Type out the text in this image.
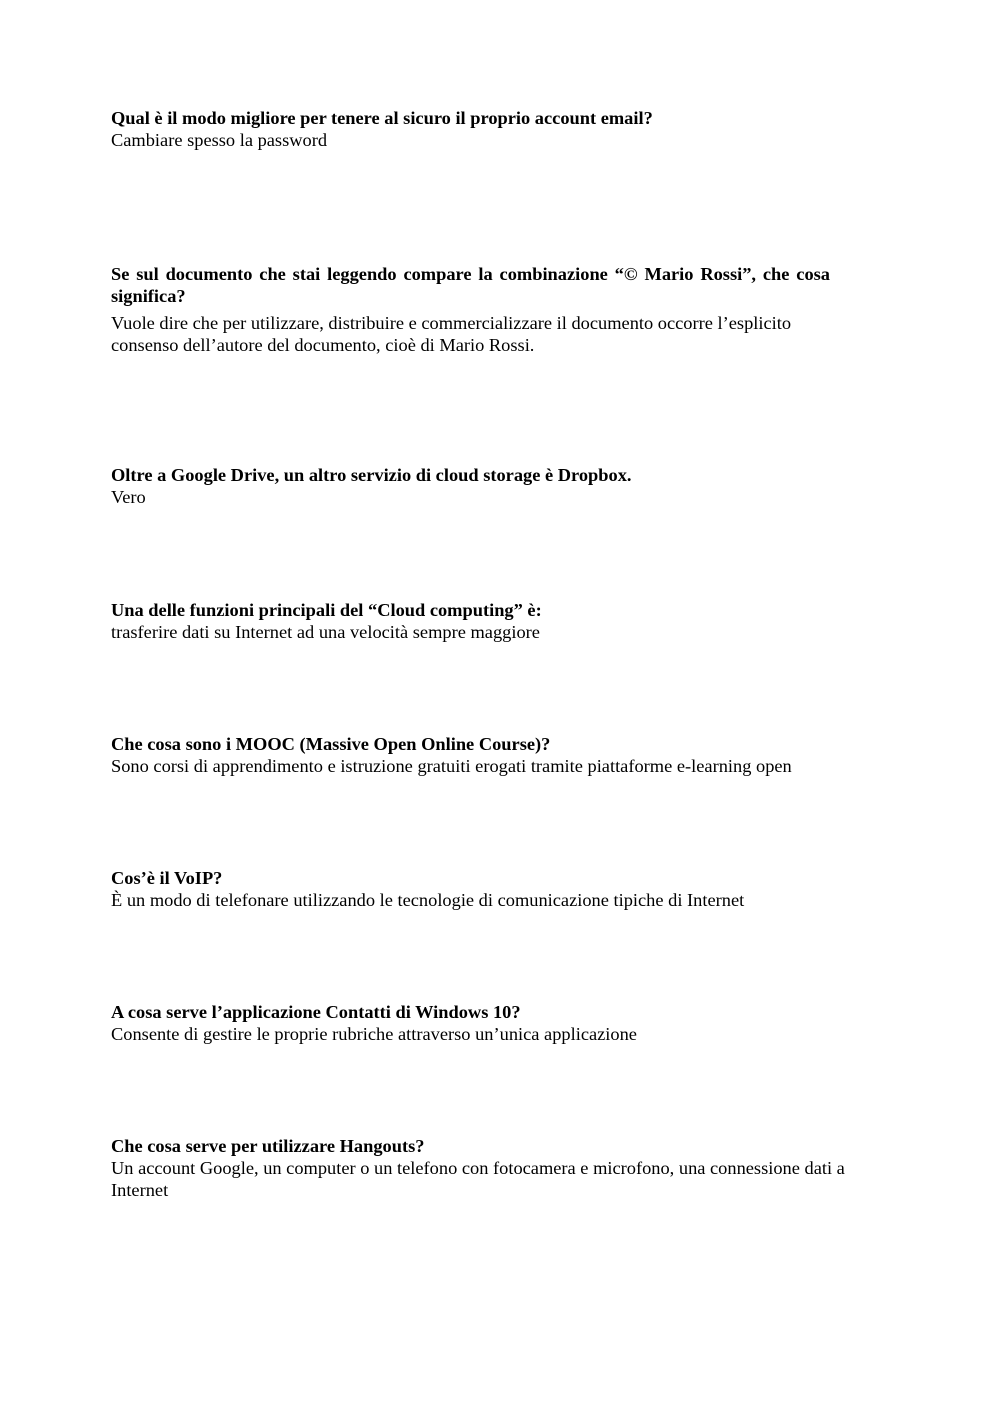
Qual è il modo migliore per tenere al sicuro il proprio account email?

Cambiare spesso la password

Se sul documento che stai leggendo compare la combinazione “© Mario Rossi”, che cosa significa?

Vuole dire che per utilizzare, distribuire e commercializzare il documento occorre l’esplicito consenso dell’autore del documento, cioè di Mario Rossi.

Oltre a Google Drive, un altro servizio di cloud storage è Dropbox.

Vero

Una delle funzioni principali del “Cloud computing” è:

trasferire dati su Internet ad una velocità sempre maggiore

Che cosa sono i MOOC (Massive Open Online Course)?

Sono corsi di apprendimento e istruzione gratuiti erogati tramite piattaforme e-learning open

Cos’è il VoIP?

È un modo di telefonare utilizzando le tecnologie di comunicazione tipiche di Internet

A cosa serve l’applicazione Contatti di Windows 10?

Consente di gestire le proprie rubriche attraverso un’unica applicazione

Che cosa serve per utilizzare Hangouts?

Un account Google, un computer o un telefono con fotocamera e microfono, una connessione dati a Internet
